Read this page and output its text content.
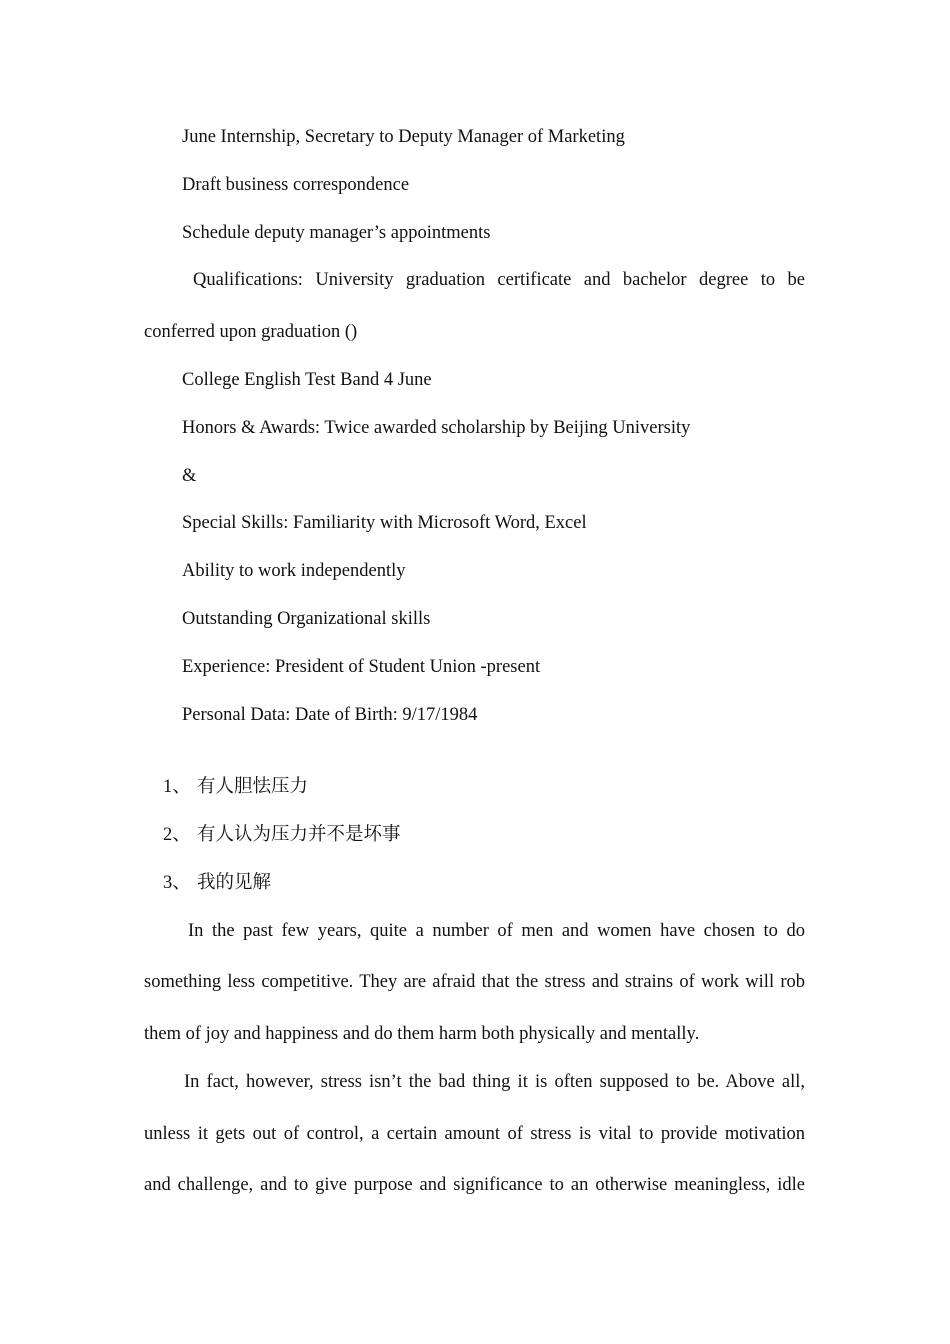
June Internship, Secretary to Deputy Manager of Marketing
Draft business correspondence
Schedule deputy manager’s appointments
Qualifications: University graduation certificate and bachelor degree to be
conferred upon graduation ()
College English Test Band 4 June
Honors & Awards: Twice awarded scholarship by Beijing University
&
Special Skills: Familiarity with Microsoft Word, Excel
Ability to work independently
Outstanding Organizational skills
Experience: President of Student Union -present
Personal Data: Date of Birth: 9/17/1984
1、 有人胆怯压力
2、 有人认为压力并不是坏事
3、 我的见解
In the past few years, quite a number of men and women have chosen to do
something less competitive. They are afraid that the stress and strains of work will rob
them of joy and happiness and do them harm both physically and mentally.
In fact, however, stress isn’t the bad thing it is often supposed to be. Above all,
unless it gets out of control, a certain amount of stress is vital to provide motivation
and challenge, and to give purpose and significance to an otherwise meaningless, idle
